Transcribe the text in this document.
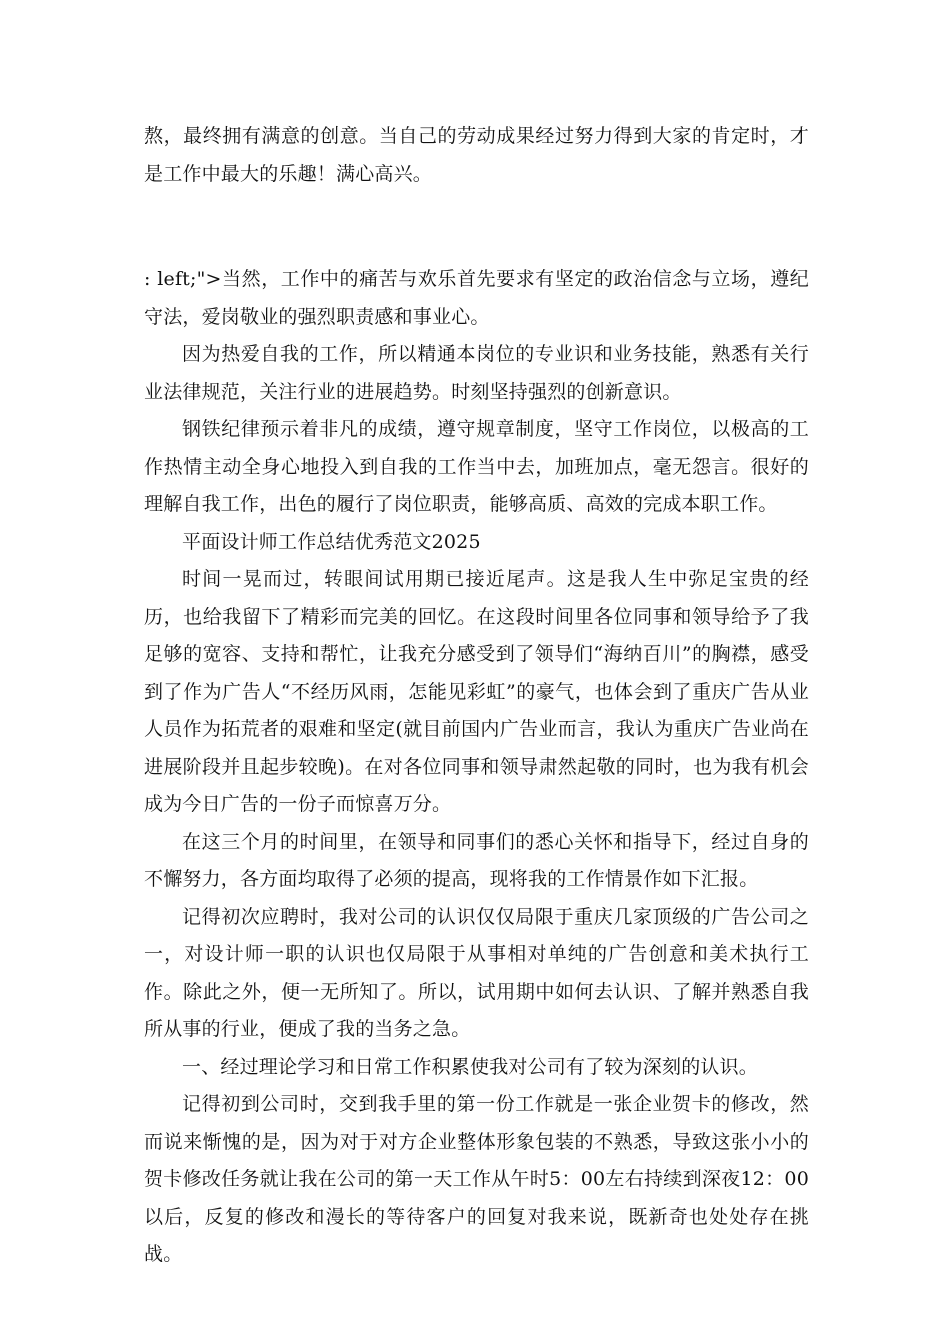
熬，最终拥有满意的创意。当自己的劳动成果经过努力得到大家的肯定时，才是工作中最大的乐趣！满心高兴。

: left;">当然，工作中的痛苦与欢乐首先要求有坚定的政治信念与立场，遵纪守法，爱岗敬业的强烈职责感和事业心。

因为热爱自我的工作，所以精通本岗位的专业识和业务技能，熟悉有关行业法律规范，关注行业的进展趋势。时刻坚持强烈的创新意识。

钢铁纪律预示着非凡的成绩，遵守规章制度，坚守工作岗位，以极高的工作热情主动全身心地投入到自我的工作当中去，加班加点，毫无怨言。很好的理解自我工作，出色的履行了岗位职责，能够高质、高效的完成本职工作。

平面设计师工作总结优秀范文2025

时间一晃而过，转眼间试用期已接近尾声。这是我人生中弥足宝贵的经历，也给我留下了精彩而完美的回忆。在这段时间里各位同事和领导给予了我足够的宽容、支持和帮忙，让我充分感受到了领导们“海纳百川”的胸襟，感受到了作为广告人“不经历风雨，怎能见彩虹”的豪气，也体会到了重庆广告从业人员作为拓荒者的艰难和坚定(就目前国内广告业而言，我认为重庆广告业尚在进展阶段并且起步较晚)。在对各位同事和领导肃然起敬的同时，也为我有机会成为今日广告的一份子而惊喜万分。

在这三个月的时间里，在领导和同事们的悉心关怀和指导下，经过自身的不懈努力，各方面均取得了必须的提高，现将我的工作情景作如下汇报。

记得初次应聘时，我对公司的认识仅仅局限于重庆几家顶级的广告公司之一，对设计师一职的认识也仅局限于从事相对单纯的广告创意和美术执行工作。除此之外，便一无所知了。所以，试用期中如何去认识、了解并熟悉自我所从事的行业，便成了我的当务之急。

一、经过理论学习和日常工作积累使我对公司有了较为深刻的认识。

记得初到公司时，交到我手里的第一份工作就是一张企业贺卡的修改，然而说来惭愧的是，因为对于对方企业整体形象包装的不熟悉，导致这张小小的贺卡修改任务就让我在公司的第一天工作从午时5：00左右持续到深夜12：00以后，反复的修改和漫长的等待客户的回复对我来说，既新奇也处处存在挑战。
